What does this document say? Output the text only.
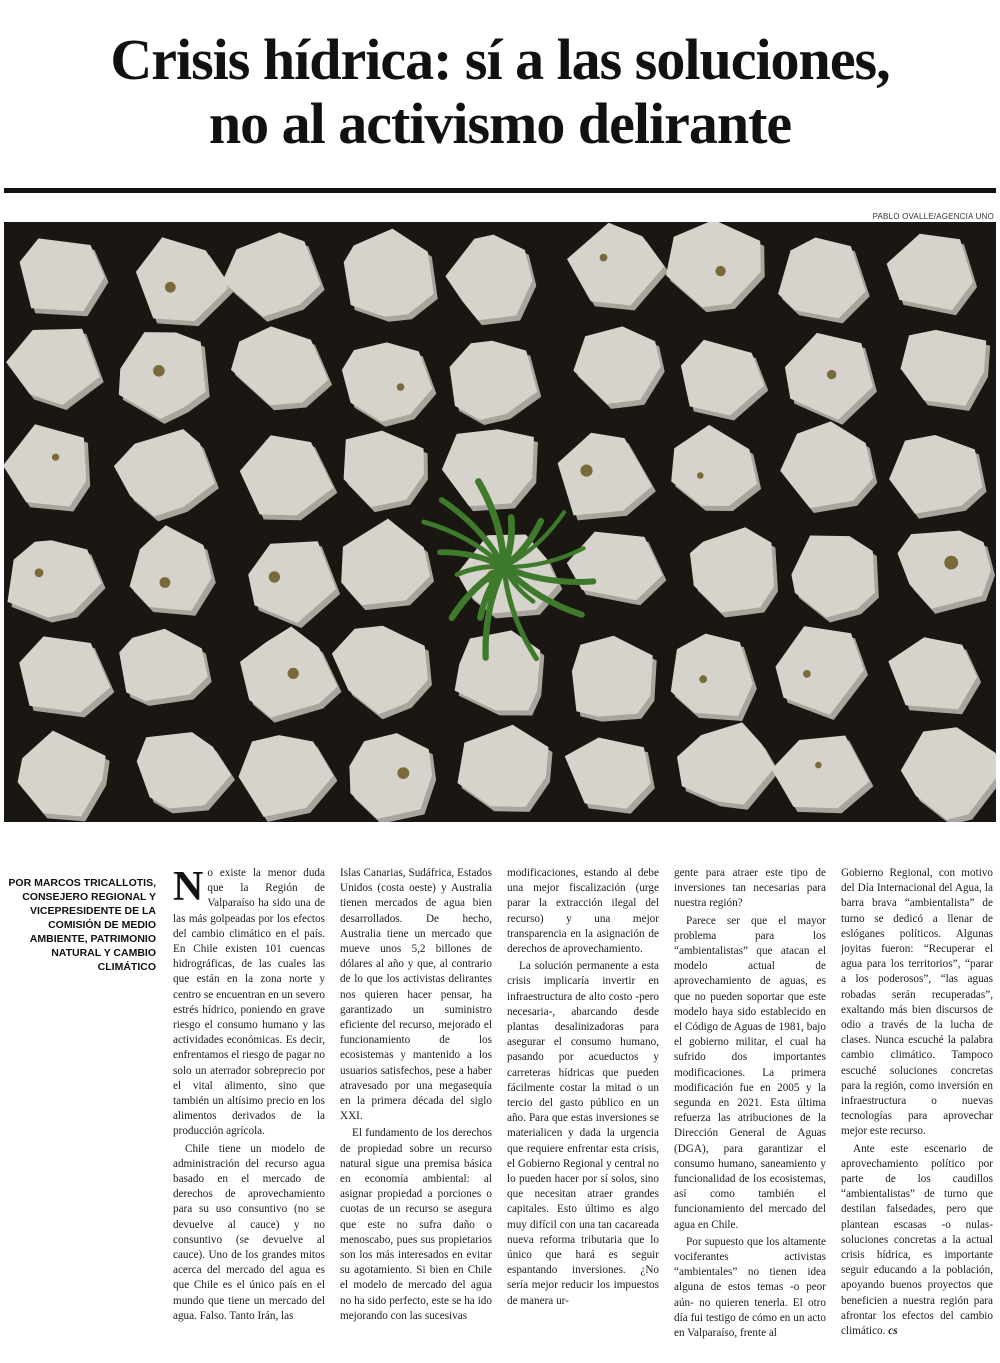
Crisis hídrica: sí a las soluciones,
no al activismo delirante
PABLO OVALLE/AGENCIA UNO
POR MARCOS TRICALLOTIS,
CONSEJERO REGIONAL Y VICEPRESIDENTE DE LA COMISIÓN DE MEDIO AMBIENTE, PATRIMONIO NATURAL Y CAMBIO CLIMÁTICO

No existe la menor duda que la Región de Valparaíso ha sido una de las más golpeadas por los efectos del cambio climático en el país. En Chile existen 101 cuencas hidrográficas, de las cuales las que están en la zona norte y centro se encuentran en un severo estrés hídrico, poniendo en grave riesgo el consumo humano y las actividades económicas. Es decir, enfrentamos el riesgo de pagar no solo un aterrador sobreprecio por el vital alimento, sino que también un altísimo precio en los alimentos derivados de la producción agrícola.

Chile tiene un modelo de administración del recurso agua basado en el mercado de derechos de aprovechamiento para su uso consuntivo (no se devuelve al cauce) y no consuntivo (se devuelve al cauce). Uno de los grandes mitos acerca del mercado del agua es que Chile es el único país en el mundo que tiene un mercado del agua. Falso. Tanto Irán, las

Islas Canarias, Sudáfrica, Estados Unidos (costa oeste) y Australia tienen mercados de agua bien desarrollados. De hecho, Australia tiene un mercado que mueve unos 5,2 billones de dólares al año y que, al contrario de lo que los activistas delirantes nos quieren hacer pensar, ha garantizado un suministro eficiente del recurso, mejorado el funcionamiento de los ecosistemas y mantenido a los usuarios satisfechos, pese a haber atravesado por una megasequía en la primera década del siglo XXI.

El fundamento de los derechos de propiedad sobre un recurso natural sigue una premisa básica en economía ambiental: al asignar propiedad a porciones o cuotas de un recurso se asegura que este no sufra daño o menoscabo, pues sus propietarios son los más interesados en evitar su agotamiento. Si bien en Chile el modelo de mercado del agua no ha sido perfecto, este se ha ido mejorando con las sucesivas

modificaciones, estando al debe una mejor fiscalización (urge parar la extracción ilegal del recurso) y una mejor transparencia en la asignación de derechos de aprovechamiento.

La solución permanente a esta crisis implicaría invertir en infraestructura de alto costo -pero necesaria-, abarcando desde plantas desalinizadoras para asegurar el consumo humano, pasando por acueductos y carreteras hídricas que pueden fácilmente costar la mitad o un tercio del gasto público en un año. Para que estas inversiones se materialicen y dada la urgencia que requiere enfrentar esta crisis, el Gobierno Regional y central no lo pueden hacer por sí solos, sino que necesitan atraer grandes capitales. Esto último es algo muy difícil con una tan cacareada nueva reforma tributaria que lo único que hará es seguir espantando inversiones. ¿No sería mejor reducir los impuestos de manera ur-

gente para atraer este tipo de inversiones tan necesarias para nuestra región?

Parece ser que el mayor problema para los “ambientalistas” que atacan el modelo actual de aprovechamiento de aguas, es que no pueden soportar que este modelo haya sido establecido en el Código de Aguas de 1981, bajo el gobierno militar, el cual ha sufrido dos importantes modificaciones. La primera modificación fue en 2005 y la segunda en 2021. Esta última refuerza las atribuciones de la Dirección General de Aguas (DGA), para garantizar el consumo humano, saneamiento y funcionalidad de los ecosistemas, así como también el funcionamiento del mercado del agua en Chile.

Por supuesto que los altamente vociferantes activistas “ambientales” no tienen idea alguna de estos temas -o peor aún- no quieren tenerla. El otro día fui testigo de cómo en un acto en Valparaíso, frente al

Gobierno Regional, con motivo del Día Internacional del Agua, la barra brava “ambientalista” de turno se dedicó a llenar de eslóganes políticos. Algunas joyitas fueron: “Recuperar el agua para los territorios”, “parar a los poderosos”, “las aguas robadas serán recuperadas”, exaltando más bien discursos de odio a través de la lucha de clases. Nunca escuché la palabra cambio climático. Tampoco escuché soluciones concretas para la región, como inversión en infraestructura o nuevas tecnologías para aprovechar mejor este recurso.

Ante este escenario de aprovechamiento político por parte de los caudillos “ambientalistas” de turno que destilan falsedades, pero que plantean escasas -o nulas- soluciones concretas a la actual crisis hídrica, es importante seguir educando a la población, apoyando buenos proyectos que beneficien a nuestra región para afrontar los efectos del cambio climático. cs
